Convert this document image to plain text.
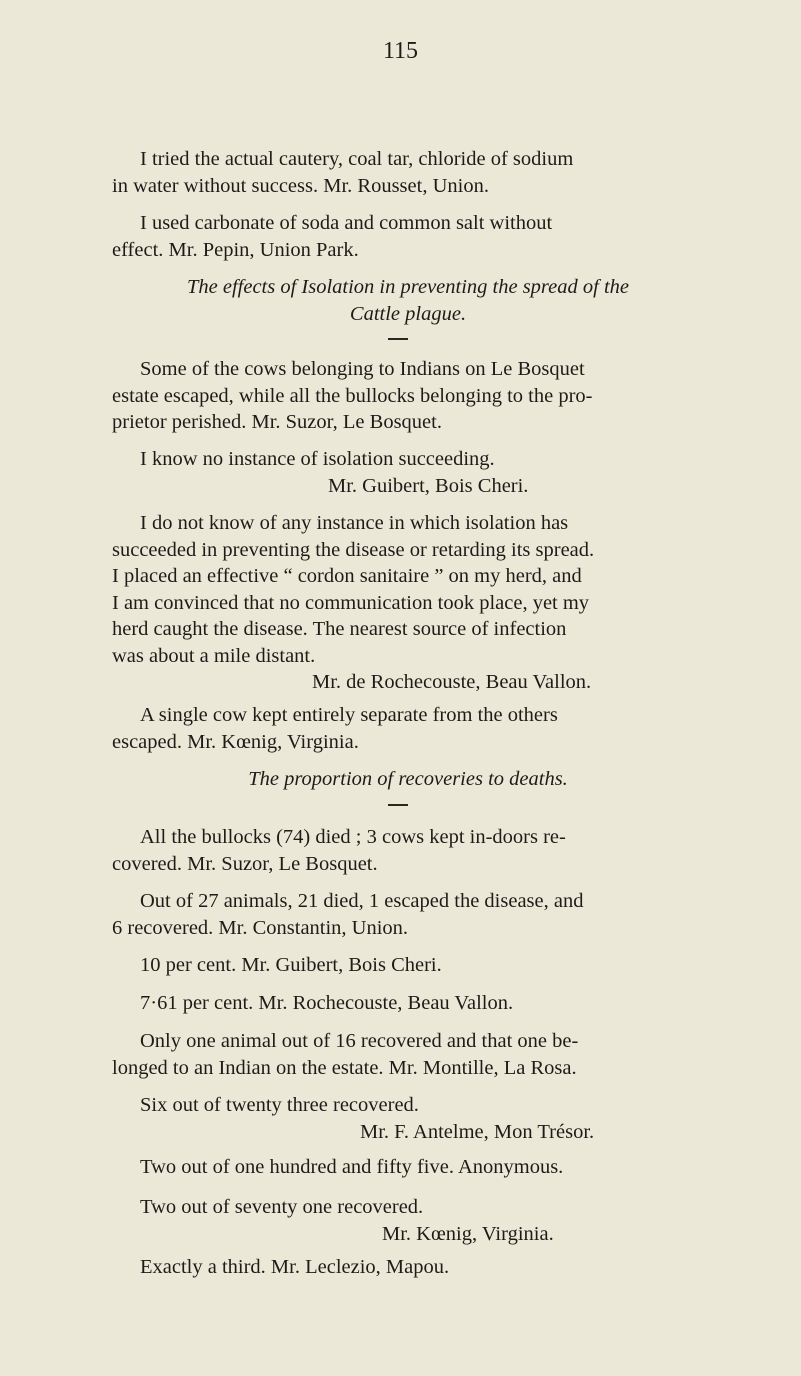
115

I tried the actual cautery, coal tar, chloride of sodium

in water without success. Mr. Rousset, Union.

I used carbonate of soda and common salt without

effect. Mr. Pepin, Union Park.

The effects of Isolation in preventing the spread of the

Cattle plague.

Some of the cows belonging to Indians on Le Bosquet

estate escaped, while all the bullocks belonging to the pro-

prietor perished. Mr. Suzor, Le Bosquet.

I know no instance of isolation succeeding.

Mr. Guibert, Bois Cheri.

I do not know of any instance in which isolation has

succeeded in preventing the disease or retarding its spread.

I placed an effective “ cordon sanitaire ” on my herd, and

I am convinced that no communication took place, yet my

herd caught the disease. The nearest source of infection

was about a mile distant.

Mr. de Rochecouste, Beau Vallon.

A single cow kept entirely separate from the others

escaped. Mr. Kœnig, Virginia.

The proportion of recoveries to deaths.

All the bullocks (74) died ; 3 cows kept in-doors re-

covered. Mr. Suzor, Le Bosquet.

Out of 27 animals, 21 died, 1 escaped the disease, and

6 recovered. Mr. Constantin, Union.

10 per cent. Mr. Guibert, Bois Cheri.

7·61 per cent. Mr. Rochecouste, Beau Vallon.

Only one animal out of 16 recovered and that one be-

longed to an Indian on the estate. Mr. Montille, La Rosa.

Six out of twenty three recovered.

Mr. F. Antelme, Mon Trésor.

Two out of one hundred and fifty five. Anonymous.

Two out of seventy one recovered.

Mr. Kœnig, Virginia.

Exactly a third. Mr. Leclezio, Mapou.
